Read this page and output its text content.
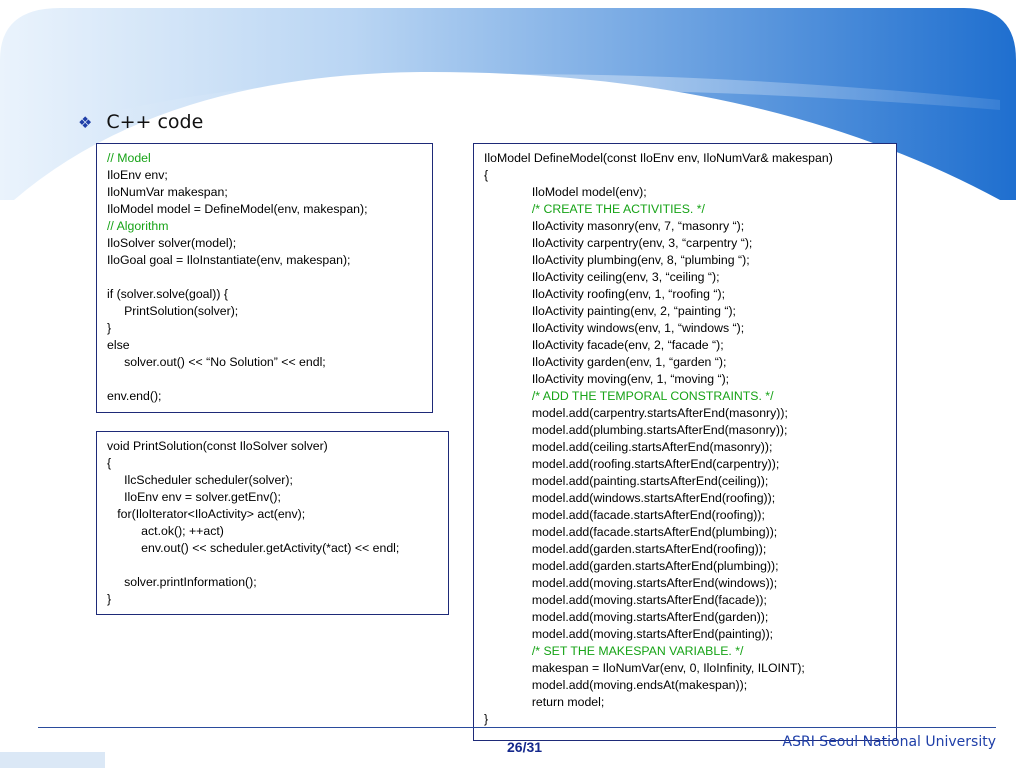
❖ C++ code
// Model
IloEnv env;
IloNumVar makespan;
IloModel model = DefineModel(env, makespan);
// Algorithm
IloSolver solver(model);
IloGoal goal = IloInstantiate(env, makespan);
if (solver.solve(goal)) {
PrintSolution(solver);
}
else
solver.out() << “No Solution” << endl;
env.end();
void PrintSolution(const IloSolver solver)
{
IlcScheduler scheduler(solver);
IloEnv env = solver.getEnv();
for(IloIterator<IloActivity> act(env);
act.ok(); ++act)
env.out() << scheduler.getActivity(*act) << endl;
solver.printInformation();
}
IloModel DefineModel(const IloEnv env, IloNumVar& makespan)
{
IloModel model(env);
/* CREATE THE ACTIVITIES. */
IloActivity masonry(env, 7, “masonry “);
IloActivity carpentry(env, 3, “carpentry “);
IloActivity plumbing(env, 8, “plumbing “);
IloActivity ceiling(env, 3, “ceiling “);
IloActivity roofing(env, 1, “roofing “);
IloActivity painting(env, 2, “painting “);
IloActivity windows(env, 1, “windows “);
IloActivity facade(env, 2, “facade “);
IloActivity garden(env, 1, “garden “);
IloActivity moving(env, 1, “moving “);
/* ADD THE TEMPORAL CONSTRAINTS. */
model.add(carpentry.startsAfterEnd(masonry));
model.add(plumbing.startsAfterEnd(masonry));
model.add(ceiling.startsAfterEnd(masonry));
model.add(roofing.startsAfterEnd(carpentry));
model.add(painting.startsAfterEnd(ceiling));
model.add(windows.startsAfterEnd(roofing));
model.add(facade.startsAfterEnd(roofing));
model.add(facade.startsAfterEnd(plumbing));
model.add(garden.startsAfterEnd(roofing));
model.add(garden.startsAfterEnd(plumbing));
model.add(moving.startsAfterEnd(windows));
model.add(moving.startsAfterEnd(facade));
model.add(moving.startsAfterEnd(garden));
model.add(moving.startsAfterEnd(painting));
/* SET THE MAKESPAN VARIABLE. */
makespan = IloNumVar(env, 0, IloInfinity, ILOINT);
model.add(moving.endsAt(makespan));
return model;
}
26/31	ASRI Seoul National University
